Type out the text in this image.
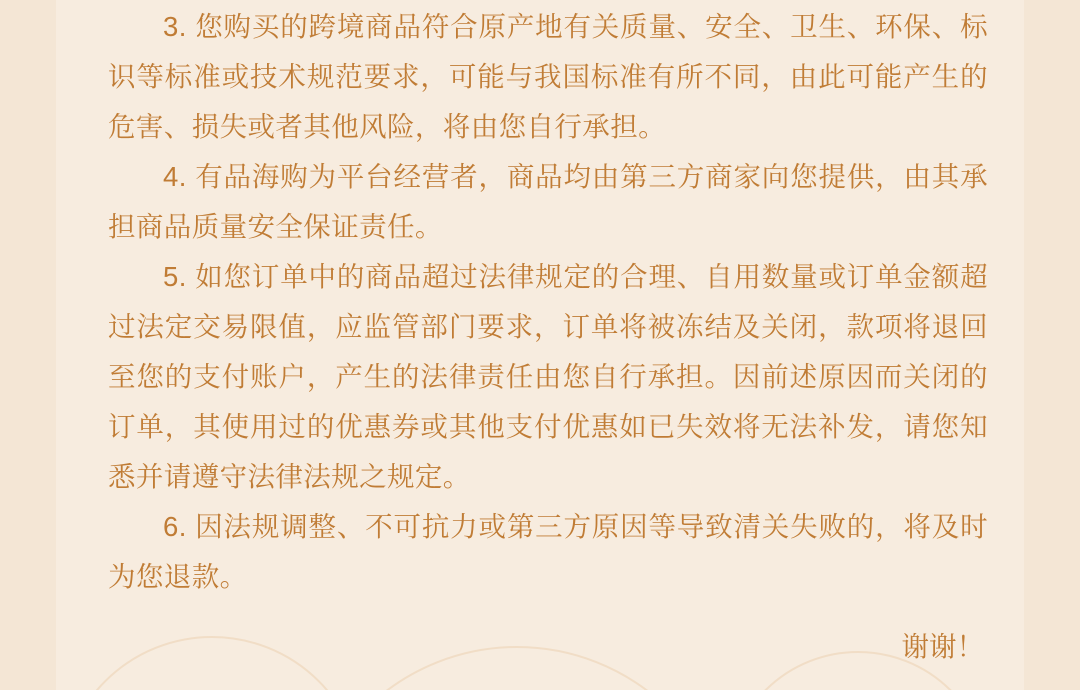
3. 您购买的跨境商品符合原产地有关质量、安全、卫生、环保、标识等标准或技术规范要求，可能与我国标准有所不同，由此可能产生的危害、损失或者其他风险，将由您自行承担。

4. 有品海购为平台经营者，商品均由第三方商家向您提供，由其承担商品质量安全保证责任。

5. 如您订单中的商品超过法律规定的合理、自用数量或订单金额超过法定交易限值，应监管部门要求，订单将被冻结及关闭，款项将退回至您的支付账户，产生的法律责任由您自行承担。因前述原因而关闭的订单，其使用过的优惠券或其他支付优惠如已失效将无法补发，请您知悉并请遵守法律法规之规定。

6. 因法规调整、不可抗力或第三方原因等导致清关失败的，将及时为您退款。

谢谢！
